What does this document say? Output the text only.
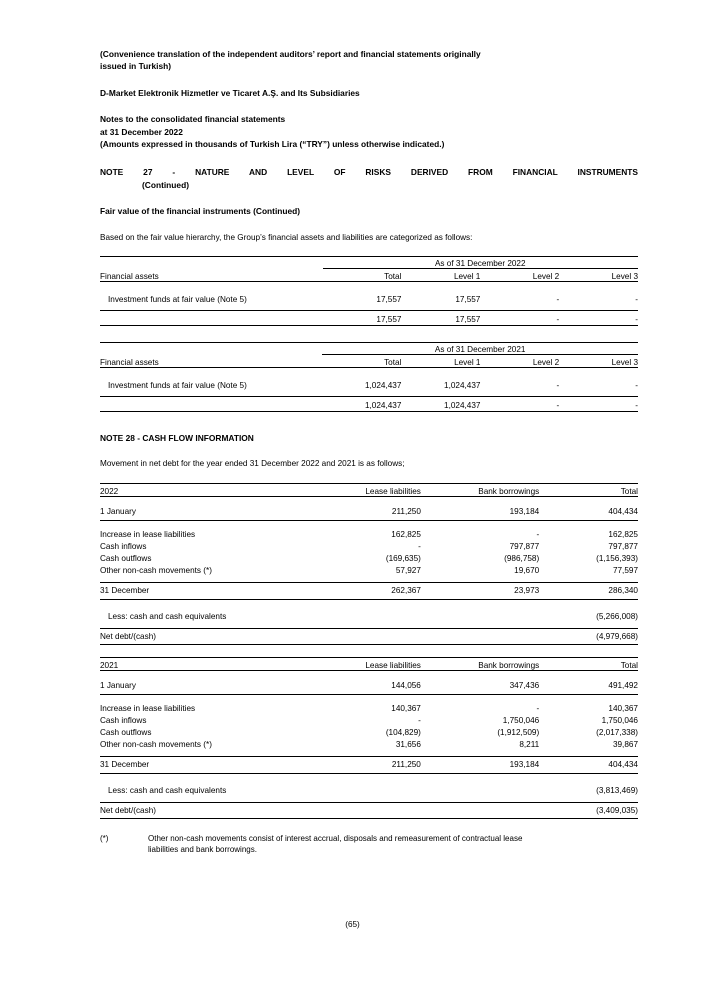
(Convenience translation of the independent auditors’ report and financial statements originally
issued in Turkish)
D-Market Elektronik Hizmetler ve Ticaret A.Ş. and Its Subsidiaries
Notes to the consolidated financial statements
at 31 December 2022
(Amounts expressed in thousands of Turkish Lira (“TRY”) unless otherwise indicated.)
NOTE 27 - NATURE AND LEVEL OF RISKS DERIVED FROM FINANCIAL INSTRUMENTS
(Continued)
Fair value of the financial instruments (Continued)
Based on the fair value hierarchy, the Group’s financial assets and liabilities are categorized as follows:
	As of 31 December 2022			
Financial assets	Total	Level 1	Level 2	Level 3

Investment funds at fair value (Note 5)	17,557	17,557	-	-

	17,557	17,557	-	-

	As of 31 December 2021			
Financial assets	Total	Level 1	Level 2	Level 3

Investment funds at fair value (Note 5)	1,024,437	1,024,437	-	-

	1,024,437	1,024,437	-	-

NOTE 28 - CASH FLOW INFORMATION
Movement in net debt for the year ended 31 December 2022 and 2021 is as follows;
2022	Lease liabilities	Bank borrowings	Total

1 January	211,250	193,184	404,434

Increase in lease liabilities	162,825	-	162,825
Cash inflows	-	797,877	797,877
Cash outflows	(169,635)	(986,758)	(1,156,393)
Other non-cash movements (*)	57,927	19,670	77,597

31 December	262,367	23,973	286,340

Less: cash and cash equivalents			(5,266,008)

Net debt/(cash)			(4,979,668)

2021	Lease liabilities	Bank borrowings	Total

1 January	144,056	347,436	491,492

Increase in lease liabilities	140,367	-	140,367
Cash inflows	-	1,750,046	1,750,046
Cash outflows	(104,829)	(1,912,509)	(2,017,338)
Other non-cash movements (*)	31,656	8,211	39,867

31 December	211,250	193,184	404,434

Less: cash and cash equivalents			(3,813,469)

Net debt/(cash)			(3,409,035)

(*)	Other non-cash movements consist of interest accrual, disposals and remeasurement of contractual lease
liabilities and bank borrowings.
(65)
